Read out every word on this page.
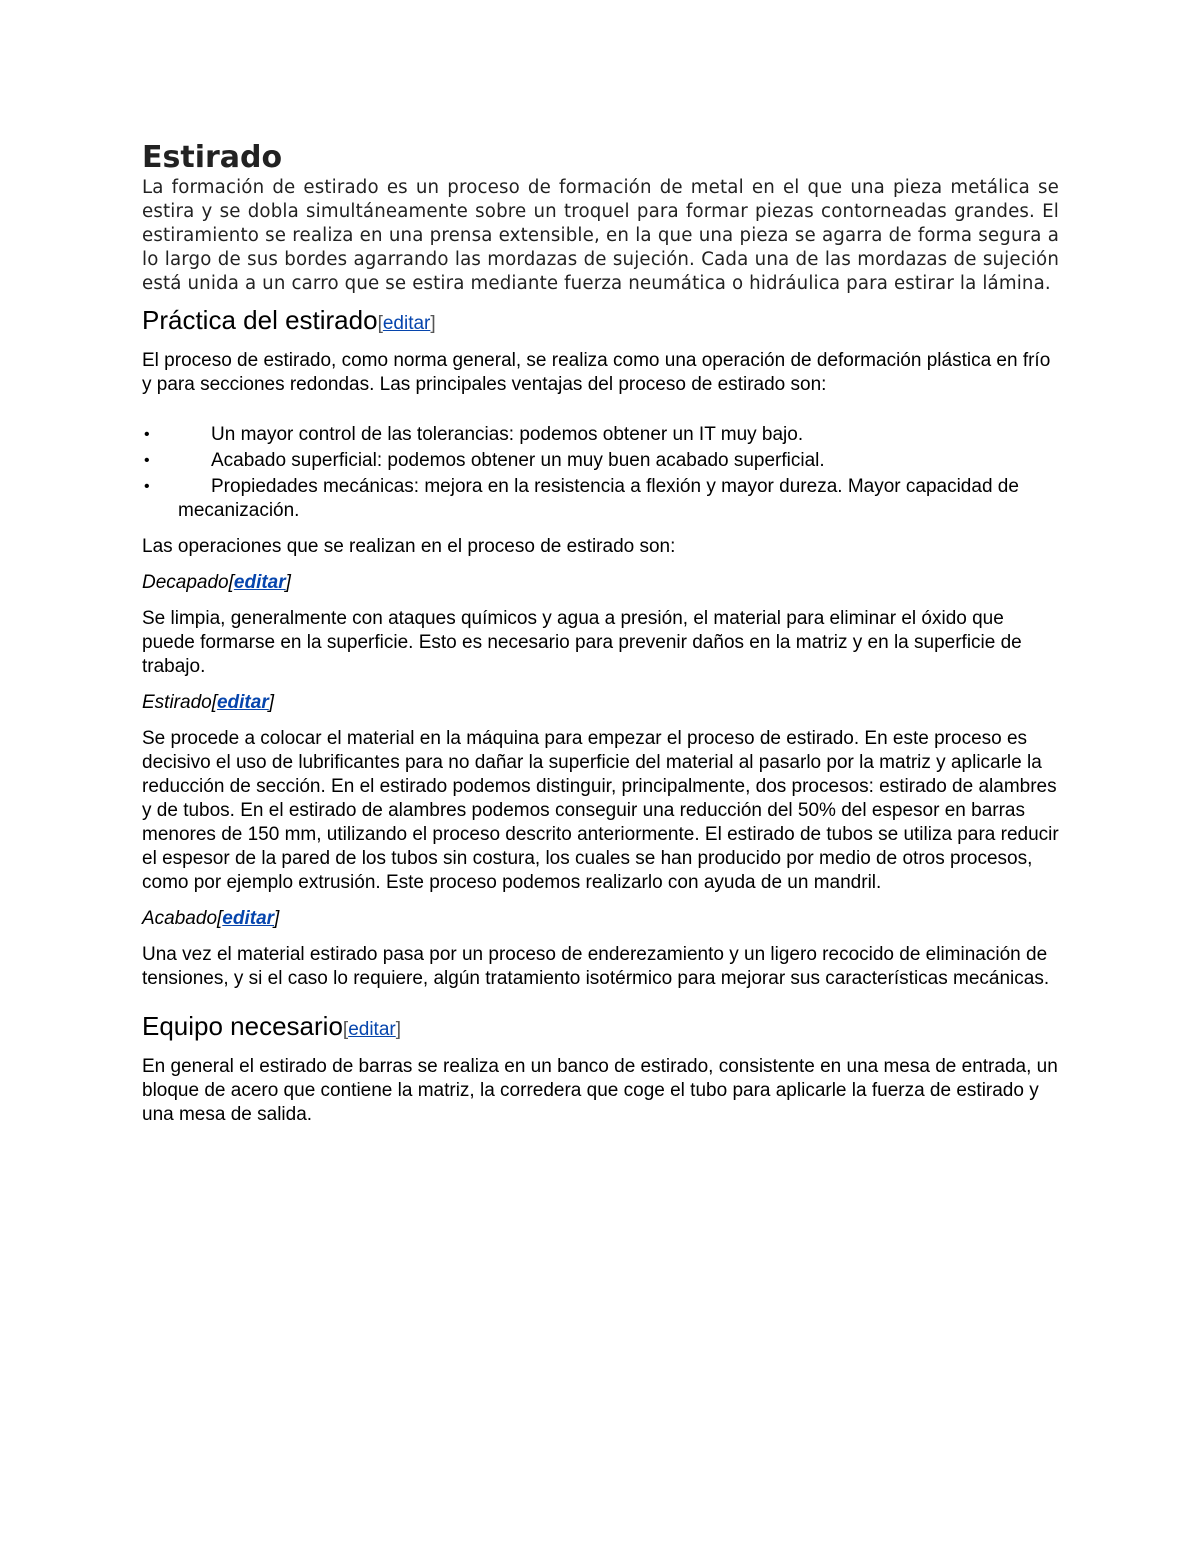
Estirado

La formación de estirado es un proceso de formación de metal en el que una pieza metálica se estira y se dobla simultáneamente sobre un troquel para formar piezas contorneadas grandes. El estiramiento se realiza en una prensa extensible, en la que una pieza se agarra de forma segura a lo largo de sus bordes agarrando las mordazas de sujeción. Cada una de las mordazas de sujeción está unida a un carro que se estira mediante fuerza neumática o hidráulica para estirar la lámina.

Práctica del estirado[editar]

El proceso de estirado, como norma general, se realiza como una operación de deformación plástica en frío y para secciones redondas. Las principales ventajas del proceso de estirado son:

•	Un mayor control de las tolerancias: podemos obtener un IT muy bajo.
•	Acabado superficial: podemos obtener un muy buen acabado superficial.
•	Propiedades mecánicas: mejora en la resistencia a flexión y mayor dureza. Mayor capacidad de mecanización.

Las operaciones que se realizan en el proceso de estirado son:

Decapado[editar]

Se limpia, generalmente con ataques químicos y agua a presión, el material para eliminar el óxido que puede formarse en la superficie. Esto es necesario para prevenir daños en la matriz y en la superficie de trabajo.

Estirado[editar]

Se procede a colocar el material en la máquina para empezar el proceso de estirado. En este proceso es decisivo el uso de lubrificantes para no dañar la superficie del material al pasarlo por la matriz y aplicarle la reducción de sección. En el estirado podemos distinguir, principalmente, dos procesos: estirado de alambres y de tubos. En el estirado de alambres podemos conseguir una reducción del 50% del espesor en barras menores de 150 mm, utilizando el proceso descrito anteriormente. El estirado de tubos se utiliza para reducir el espesor de la pared de los tubos sin costura, los cuales se han producido por medio de otros procesos, como por ejemplo extrusión. Este proceso podemos realizarlo con ayuda de un mandril.

Acabado[editar]

Una vez el material estirado pasa por un proceso de enderezamiento y un ligero recocido de eliminación de tensiones, y si el caso lo requiere, algún tratamiento isotérmico para mejorar sus características mecánicas.

Equipo necesario[editar]

En general el estirado de barras se realiza en un banco de estirado, consistente en una mesa de entrada, un bloque de acero que contiene la matriz, la corredera que coge el tubo para aplicarle la fuerza de estirado y una mesa de salida.
